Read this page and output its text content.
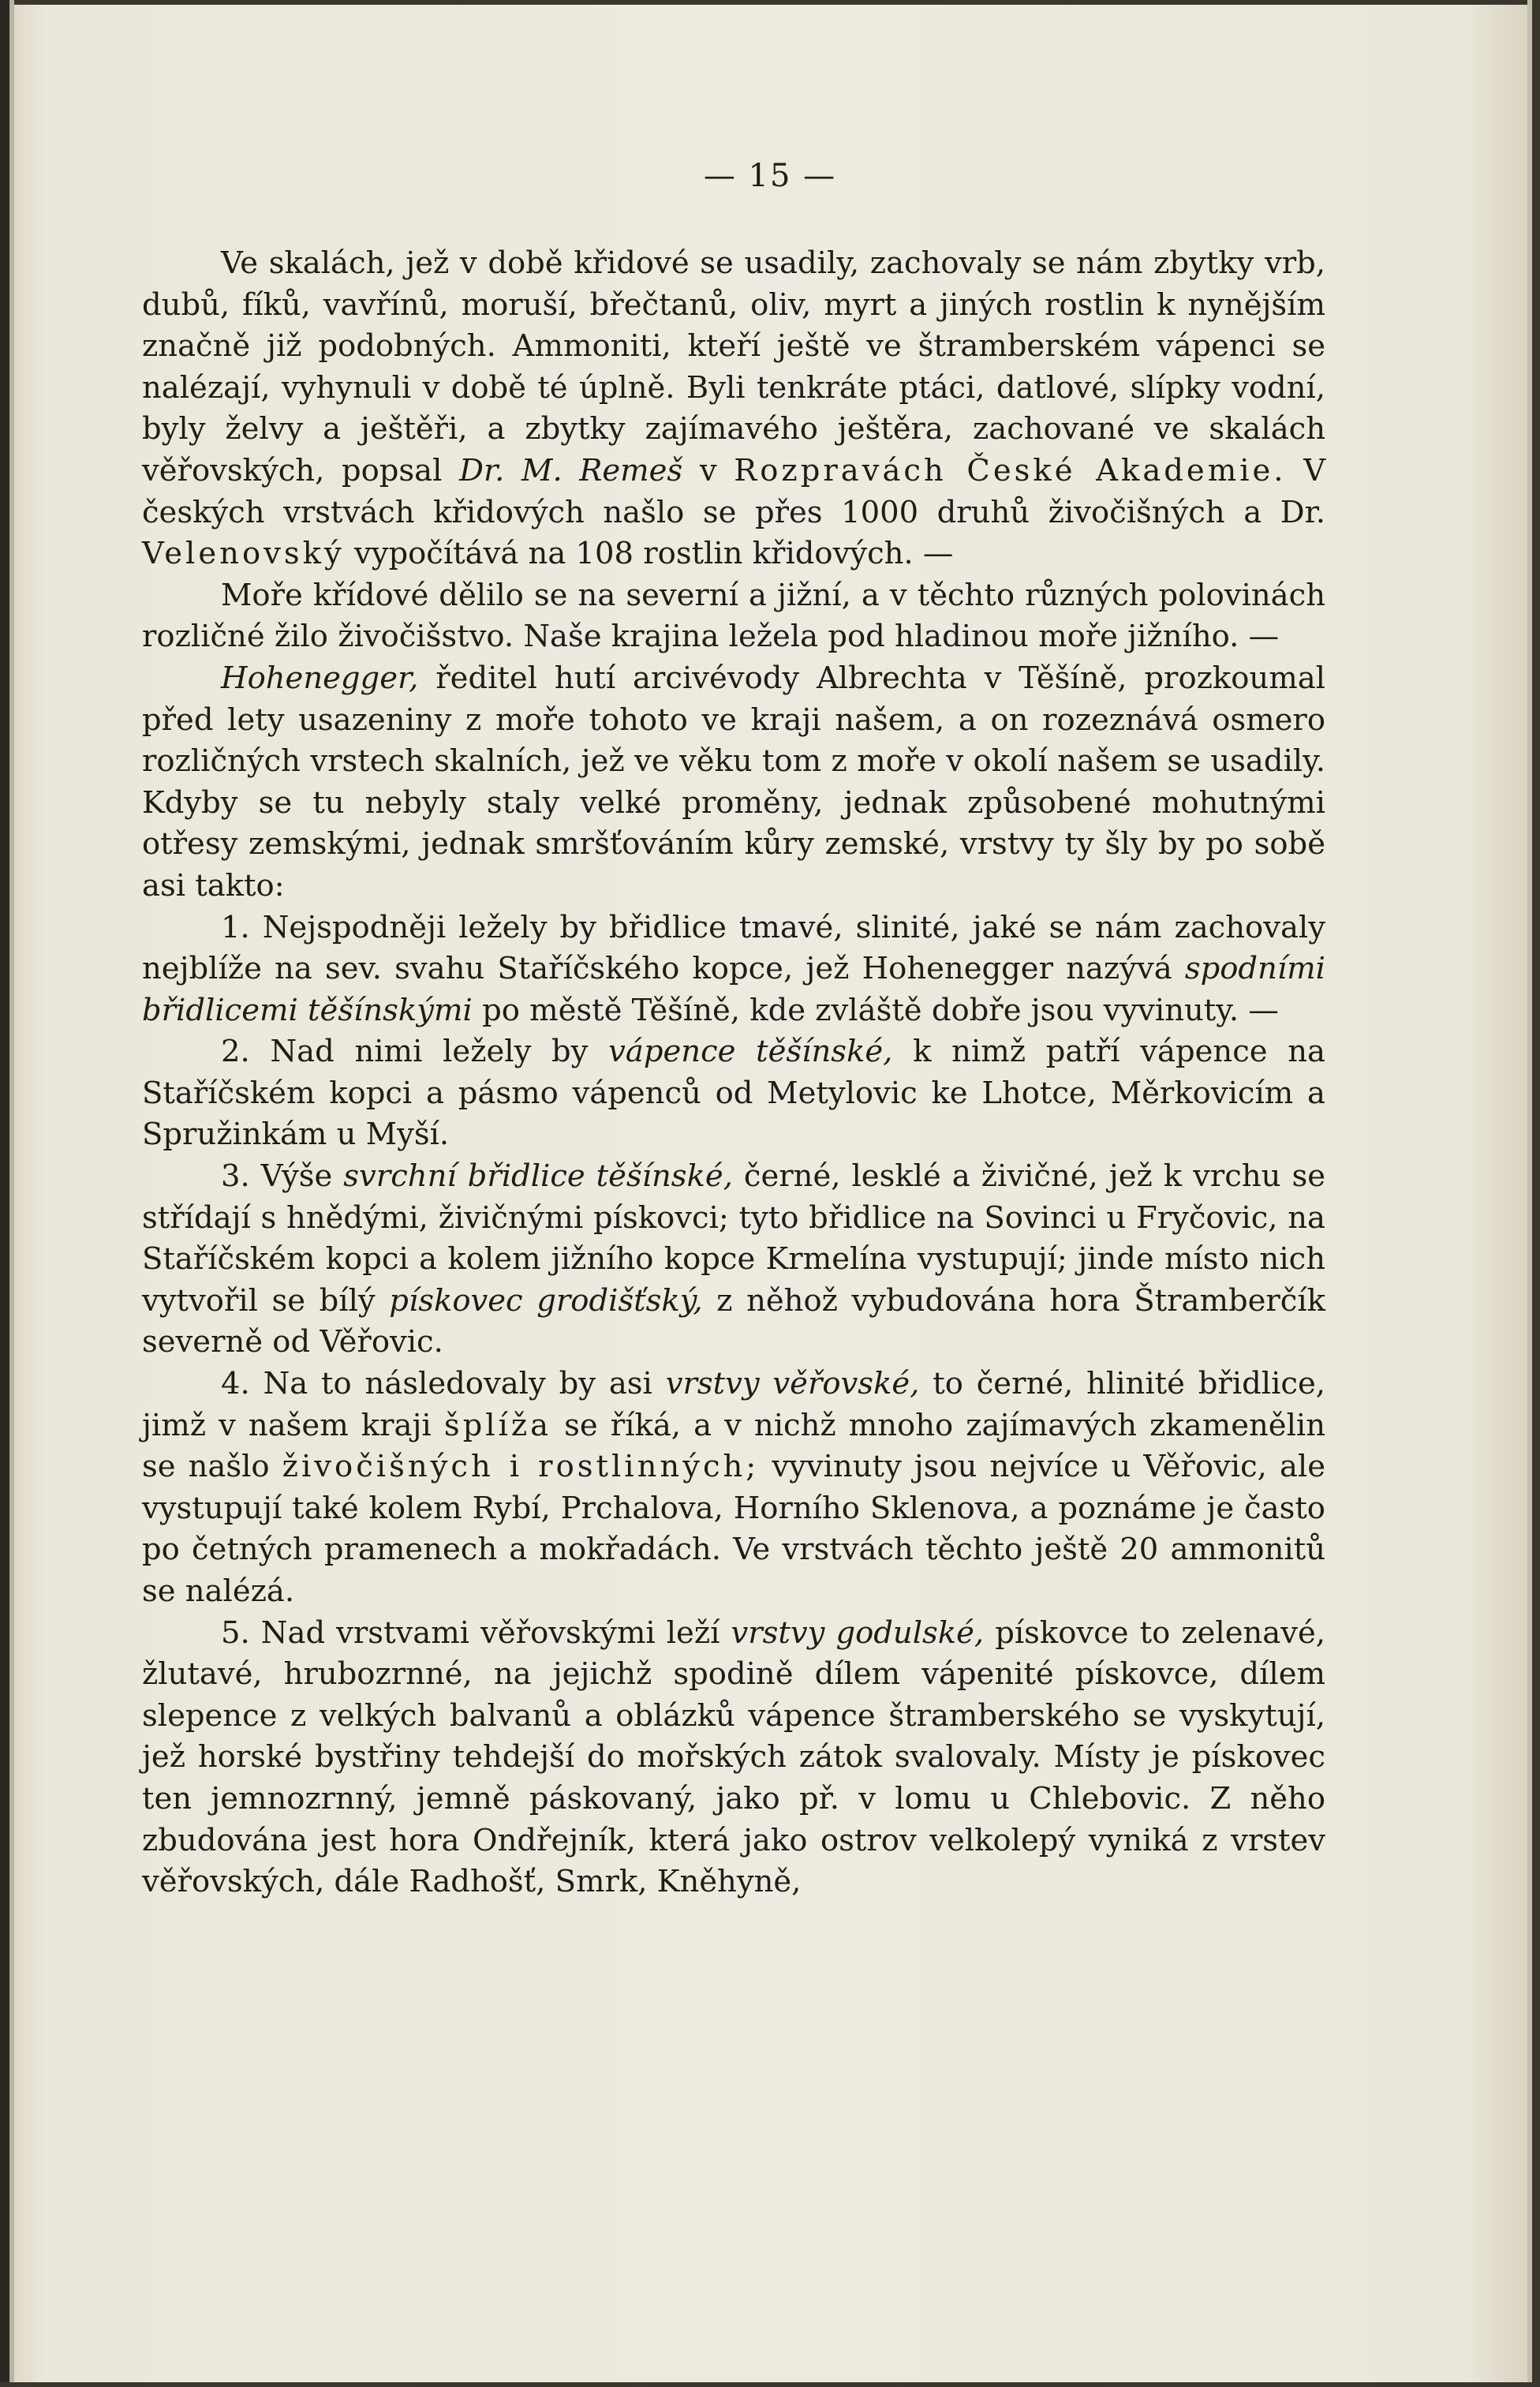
— 15 —

Ve skalách, jež v době křidové se usadily, zachovaly se nám zbytky vrb, dubů, fíků, vavřínů, moruší, břečtanů, oliv, myrt a jiných rostlin k nynějším značně již podobných. Ammoniti, kteří ještě ve štramberském vápenci se nalézají, vyhynuli v době té úplně. Byli tenkráte ptáci, datlové, slípky vodní, byly želvy a ještěři, a zbytky zajímavého ještěra, zachované ve skalách věřovských, popsal Dr. M. Remeš v Rozpravách České Akademie. V českých vrstvách křidových našlo se přes 1000 druhů živočišných a Dr. Velenovský vypočítává na 108 rostlin křidových. —

Moře křídové dělilo se na severní a jižní, a v těchto různých polovinách rozličné žilo živočišstvo. Naše krajina ležela pod hladinou moře jižního. —

Hohenegger, ředitel hutí arcivévody Albrechta v Těšíně, prozkoumal před lety usazeniny z moře tohoto ve kraji našem, a on rozeznává osmero rozličných vrstech skalních, jež ve věku tom z moře v okolí našem se usadily. Kdyby se tu nebyly staly velké proměny, jednak způsobené mohutnými otřesy zemskými, jednak smršťováním kůry zemské, vrstvy ty šly by po sobě asi takto:

1. Nejspodněji ležely by břidlice tmavé, slinité, jaké se nám zachovaly nejblíže na sev. svahu Staříčského kopce, jež Hohenegger nazývá spodními břidlicemi těšínskými po městě Těšíně, kde zvláště dobře jsou vyvinuty. —

2. Nad nimi ležely by vápence těšínské, k nimž patří vápence na Staříčském kopci a pásmo vápenců od Metylovic ke Lhotce, Měrkovicím a Spružinkám u Myší.

3. Výše svrchní břidlice těšínské, černé, lesklé a živičné, jež k vrchu se střídají s hnědými, živičnými pískovci; tyto břidlice na Sovinci u Fryčovic, na Staříčském kopci a kolem jižního kopce Krmelína vystupují; jinde místo nich vytvořil se bílý pískovec grodišťský, z něhož vybudována hora Štramberčík severně od Věřovic.

4. Na to následovaly by asi vrstvy věřovské, to černé, hlinité břidlice, jimž v našem kraji šplíža se říká, a v nichž mnoho zajímavých zkamenělin se našlo živočišných i rostlinných; vyvinuty jsou nejvíce u Věřovic, ale vystupují také kolem Rybí, Prchalova, Horního Sklenova, a poznáme je často po četných pramenech a mokřadách. Ve vrstvách těchto ještě 20 ammonitů se nalézá.

5. Nad vrstvami věřovskými leží vrstvy godulské, pískovce to zelenavé, žlutavé, hrubozrnné, na jejichž spodině dílem vápenité pískovce, dílem slepence z velkých balvanů a oblázků vápence štramberského se vyskytují, jež horské bystřiny tehdejší do mořských zátok svalovaly. Místy je pískovec ten jemnozrnný, jemně páskovaný, jako př. v lomu u Chlebovic. Z něho zbudována jest hora Ondřejník, která jako ostrov velkolepý vyniká z vrstev věřovských, dále Radhošť, Smrk, Kněhyně,
